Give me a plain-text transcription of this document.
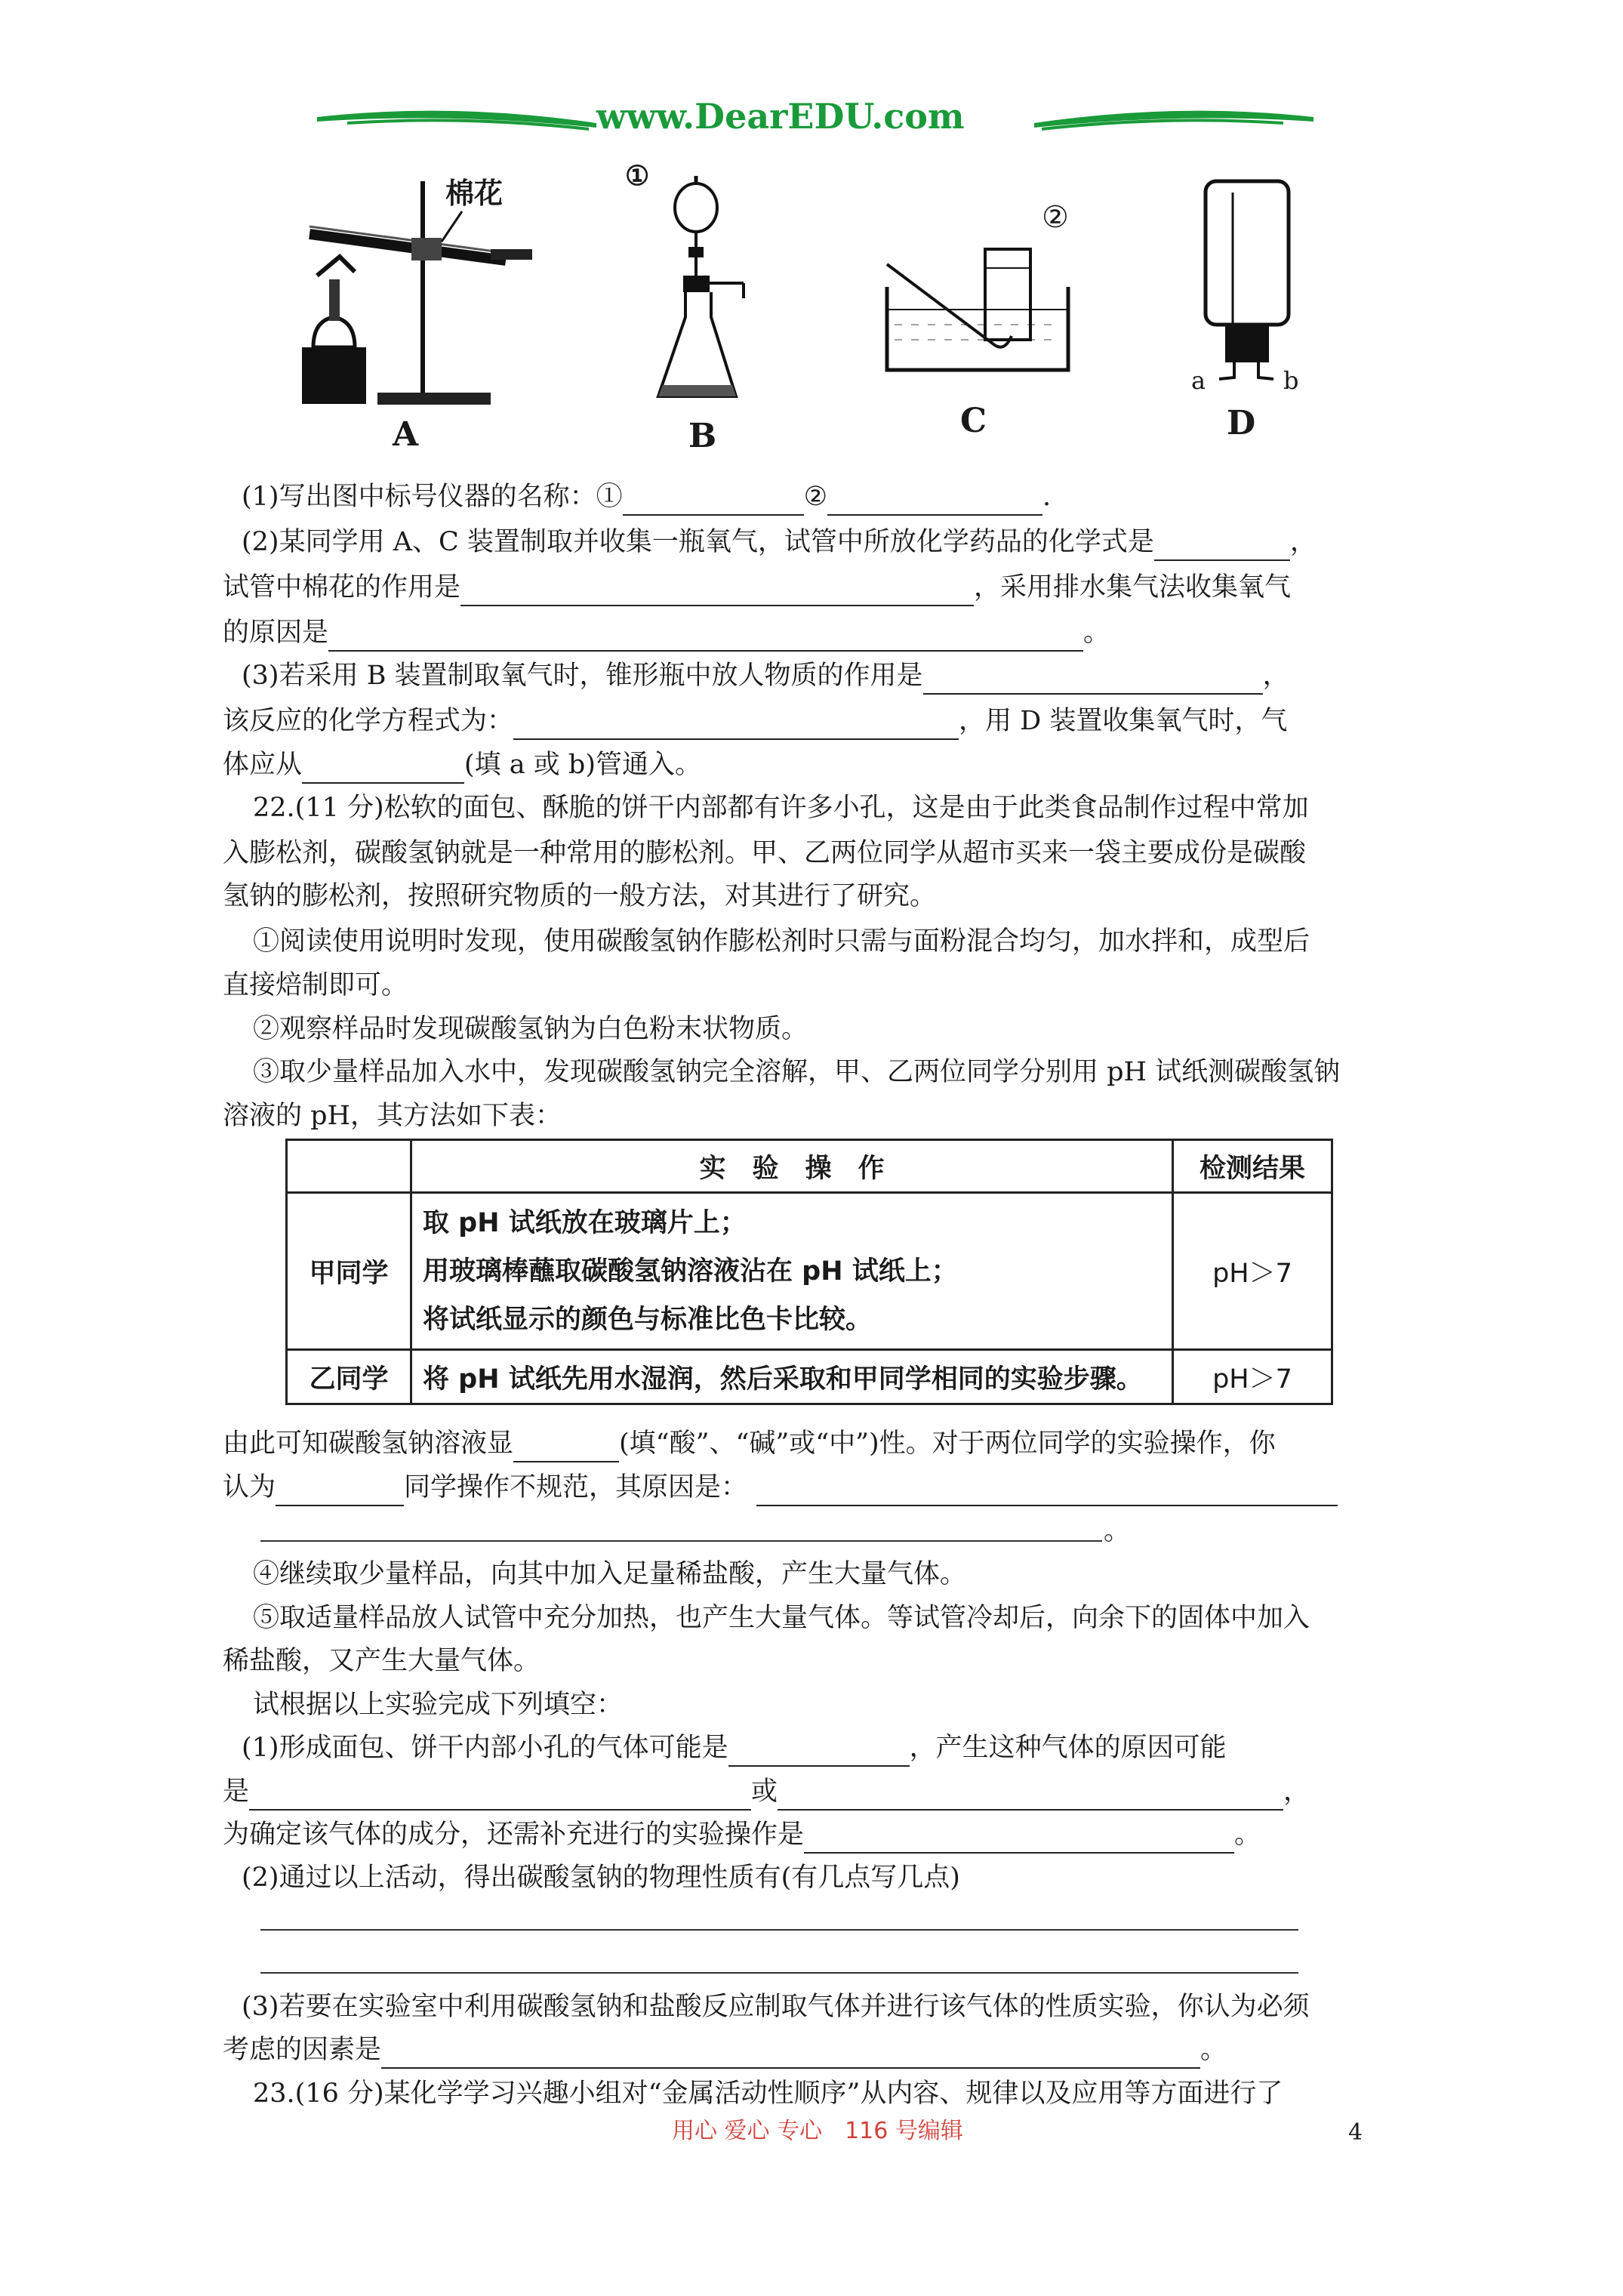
www.DearEDU.com
棉花
A
①
B
②
C
a	b
D
(1)写出图中标号仪器的名称：①	②	.
(2)某同学用 A、C 装置制取并收集一瓶氧气，试管中所放化学药品的化学式是	，
试管中棉花的作用是	，采用排水集气法收集氧气
的原因是	。
(3)若采用 B 装置制取氧气时，锥形瓶中放人物质的作用是	，
该反应的化学方程式为：	，用 D 装置收集氧气时，气
体应从	(填 a 或 b)管通入。
22.(11 分)松软的面包、酥脆的饼干内部都有许多小孔，这是由于此类食品制作过程中常加
入膨松剂，碳酸氢钠就是一种常用的膨松剂。甲、乙两位同学从超市买来一袋主要成份是碳酸
氢钠的膨松剂，按照研究物质的一般方法，对其进行了研究。
①阅读使用说明时发现，使用碳酸氢钠作膨松剂时只需与面粉混合均匀，加水拌和，成型后
直接焙制即可。
②观察样品时发现碳酸氢钠为白色粉末状物质。
③取少量样品加入水中，发现碳酸氢钠完全溶解，甲、乙两位同学分别用 pH 试纸测碳酸氢钠
溶液的 pH，其方法如下表：
	实　验　操　作	检测结果
甲同学	取 pH 试纸放在玻璃片上；
用玻璃棒蘸取碳酸氢钠溶液沾在 pH 试纸上；
将试纸显示的颜色与标准比色卡比较。	pH＞7
乙同学	将 pH 试纸先用水湿润，然后采取和甲同学相同的实验步骤。	pH＞7
由此可知碳酸氢钠溶液显	(填“酸”、“碱”或“中”)性。对于两位同学的实验操作，你
认为	同学操作不规范，其原因是：
。
④继续取少量样品，向其中加入足量稀盐酸，产生大量气体。
⑤取适量样品放人试管中充分加热，也产生大量气体。等试管冷却后，向余下的固体中加入
稀盐酸，又产生大量气体。
试根据以上实验完成下列填空：
(1)形成面包、饼干内部小孔的气体可能是	，产生这种气体的原因可能
是	或	，
为确定该气体的成分，还需补充进行的实验操作是	。
(2)通过以上活动，得出碳酸氢钠的物理性质有(有几点写几点)
(3)若要在实验室中利用碳酸氢钠和盐酸反应制取气体并进行该气体的性质实验，你认为必须
考虑的因素是	。
23.(16 分)某化学学习兴趣小组对“金属活动性顺序”从内容、规律以及应用等方面进行了
用心 爱心 专心　116 号编辑	4
